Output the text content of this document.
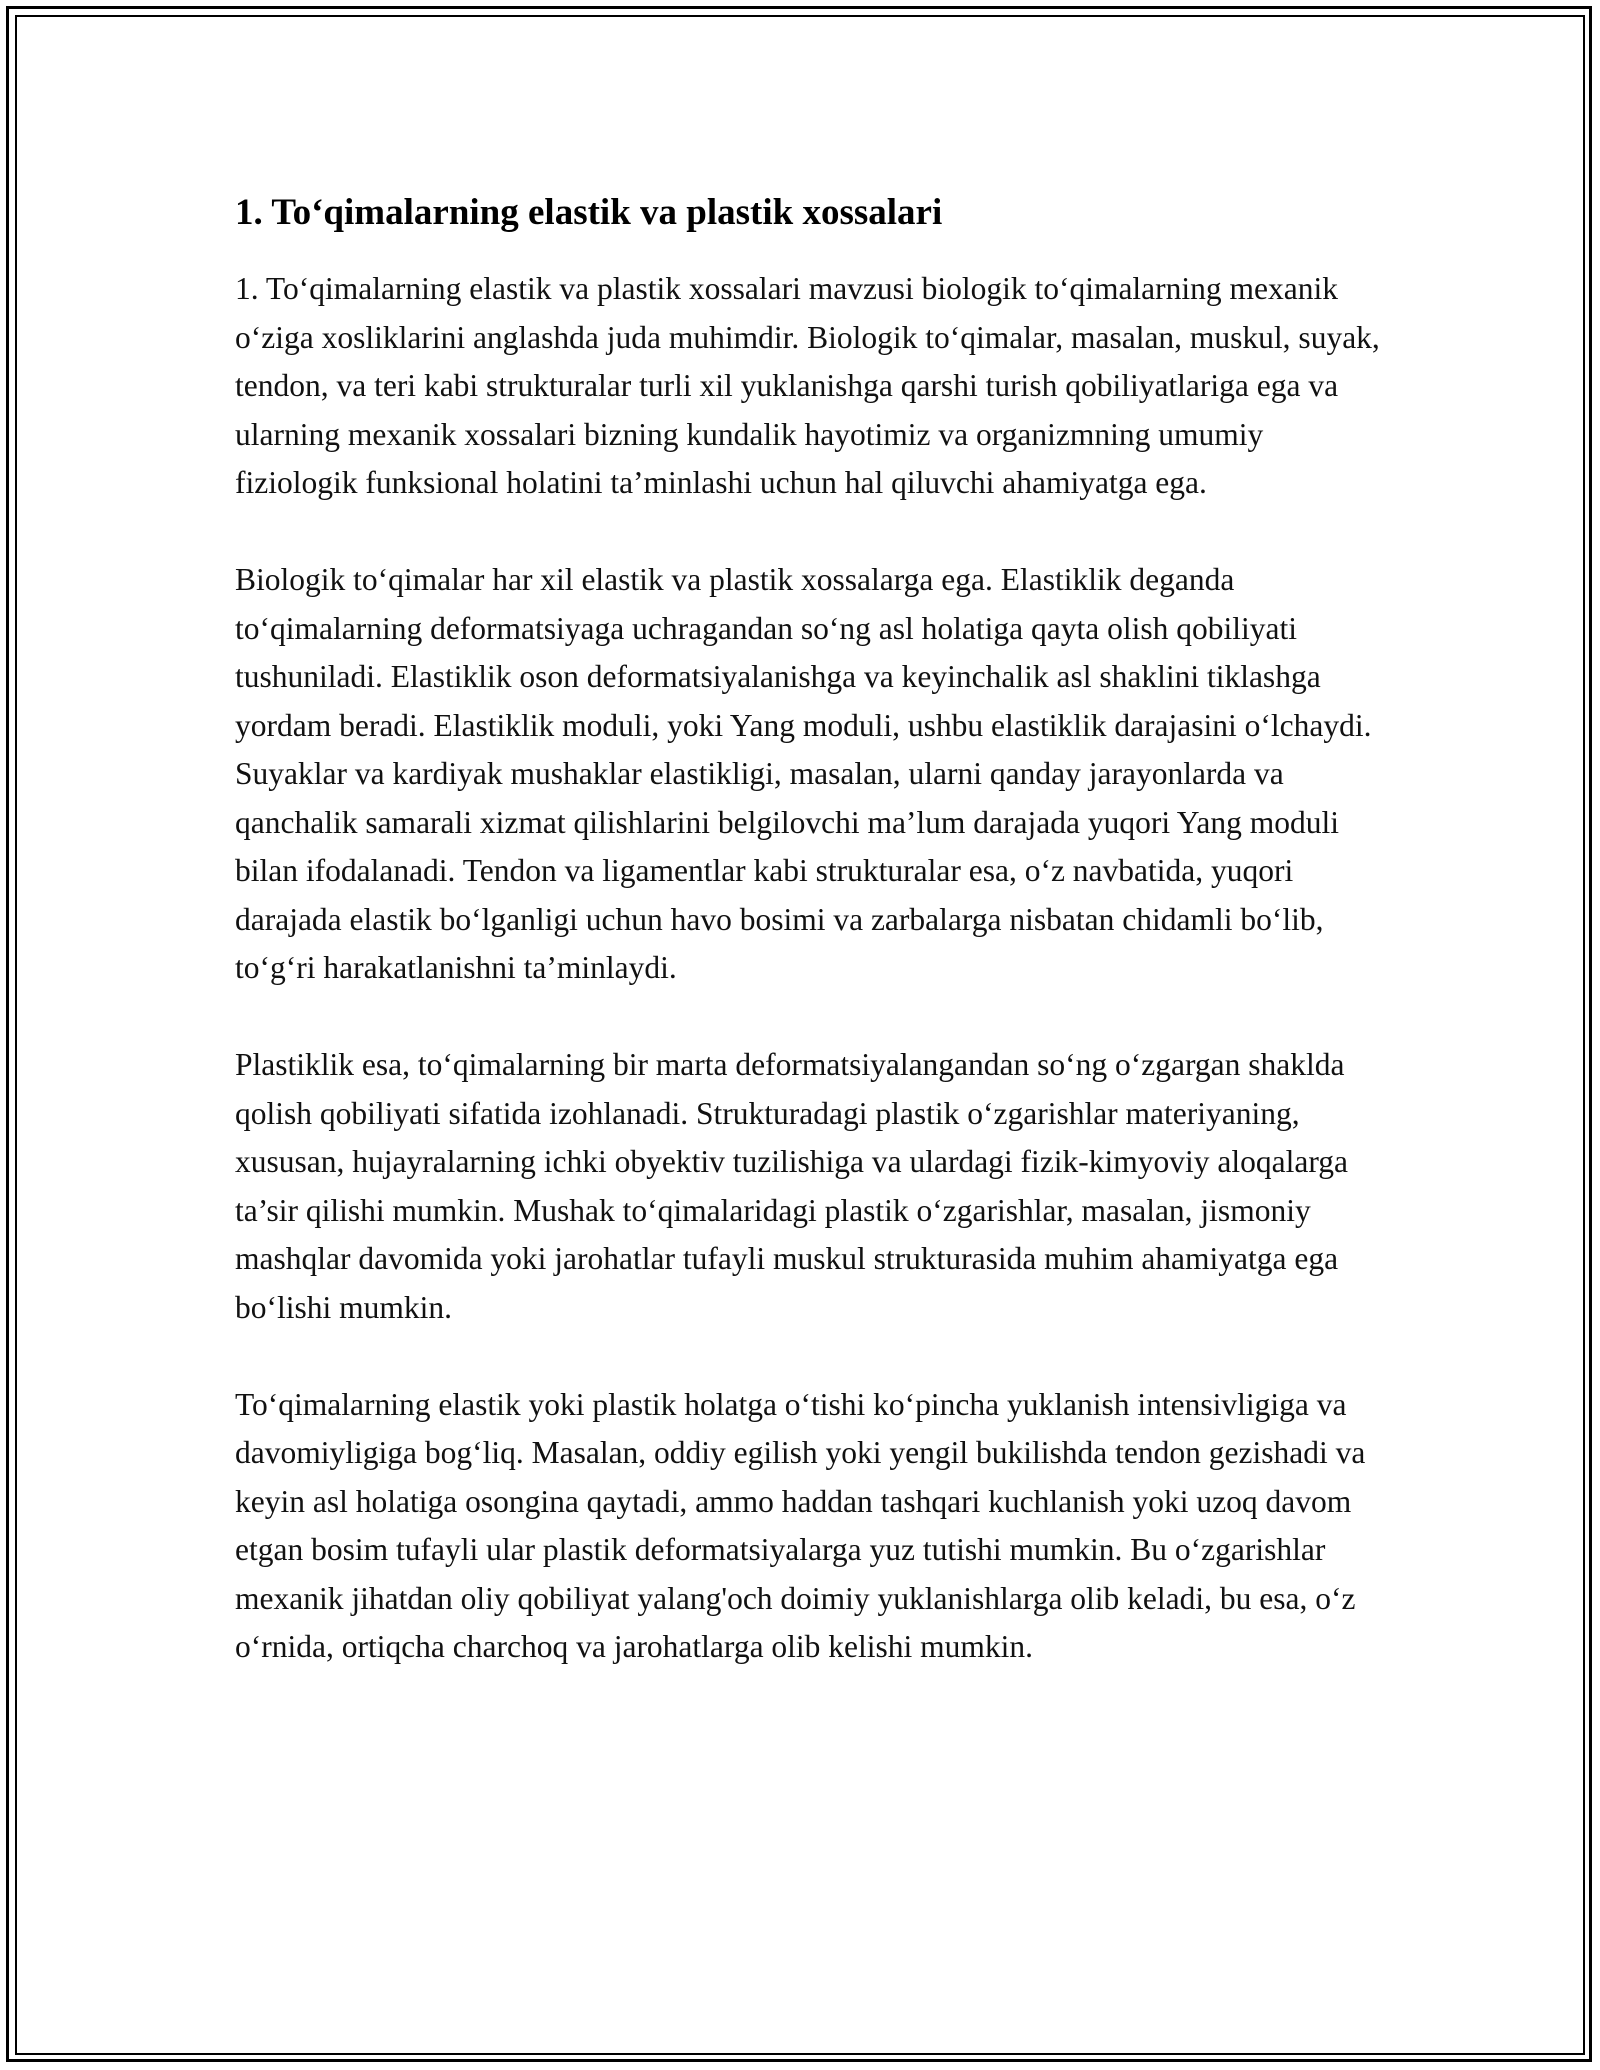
1. To‘qimalarning elastik va plastik xossalari

1. To‘qimalarning elastik va plastik xossalari mavzusi biologik to‘qimalarning mexanik o‘ziga xosliklarini anglashda juda muhimdir. Biologik to‘qimalar, masalan, muskul, suyak, tendon, va teri kabi strukturalar turli xil yuklanishga qarshi turish qobiliyatlariga ega va ularning mexanik xossalari bizning kundalik hayotimiz va organizmning umumiy fiziologik funksional holatini ta’minlashi uchun hal qiluvchi ahamiyatga ega.

Biologik to‘qimalar har xil elastik va plastik xossalarga ega. Elastiklik deganda to‘qimalarning deformatsiyaga uchragandan so‘ng asl holatiga qayta olish qobiliyati tushuniladi. Elastiklik oson deformatsiyalanishga va keyinchalik asl shaklini tiklashga yordam beradi. Elastiklik moduli, yoki Yang moduli, ushbu elastiklik darajasini o‘lchaydi. Suyaklar va kardiyak mushaklar elastikligi, masalan, ularni qanday jarayonlarda va qanchalik samarali xizmat qilishlarini belgilovchi ma’lum darajada yuqori Yang moduli bilan ifodalanadi. Tendon va ligamentlar kabi strukturalar esa, o‘z navbatida, yuqori darajada elastik bo‘lganligi uchun havo bosimi va zarbalarga nisbatan chidamli bo‘lib, to‘g‘ri harakatlanishni ta’minlaydi.

Plastiklik esa, to‘qimalarning bir marta deformatsiyalangandan so‘ng o‘zgargan shaklda qolish qobiliyati sifatida izohlanadi. Strukturadagi plastik o‘zgarishlar materiyaning, xususan, hujayralarning ichki obyektiv tuzilishiga va ulardagi fizik-kimyoviy aloqalarga ta’sir qilishi mumkin. Mushak to‘qimalaridagi plastik o‘zgarishlar, masalan, jismoniy mashqlar davomida yoki jarohatlar tufayli muskul strukturasida muhim ahamiyatga ega bo‘lishi mumkin.

To‘qimalarning elastik yoki plastik holatga o‘tishi ko‘pincha yuklanish intensivligiga va davomiyligiga bog‘liq. Masalan, oddiy egilish yoki yengil bukilishda tendon gezishadi va keyin asl holatiga osongina qaytadi, ammo haddan tashqari kuchlanish yoki uzoq davom etgan bosim tufayli ular plastik deformatsiyalarga yuz tutishi mumkin. Bu o‘zgarishlar mexanik jihatdan oliy qobiliyat yalang'och doimiy yuklanishlarga olib keladi, bu esa, o‘z o‘rnida, ortiqcha charchoq va jarohatlarga olib kelishi mumkin.
